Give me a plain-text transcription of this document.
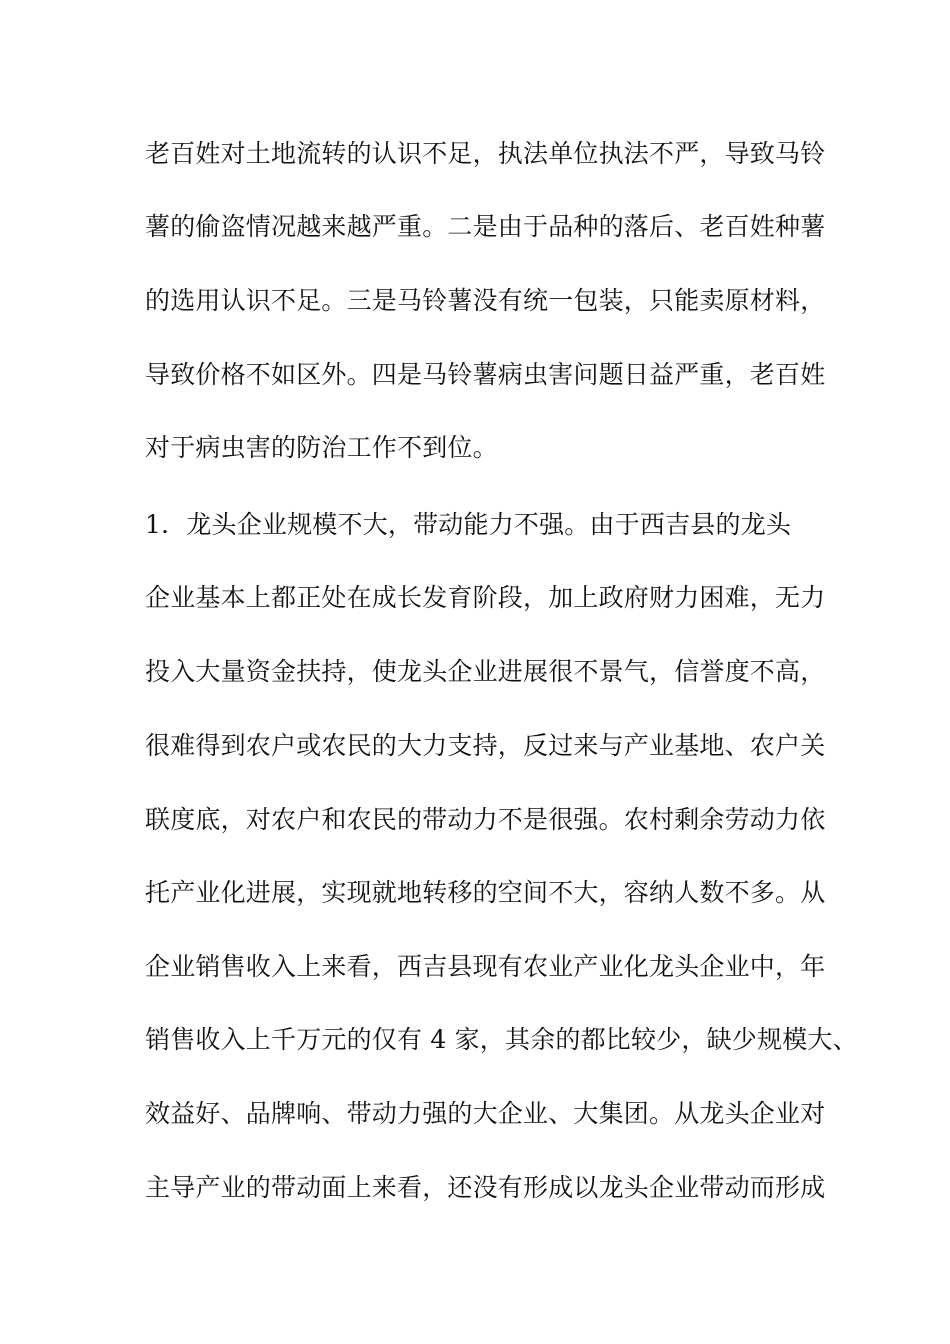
老百姓对土地流转的认识不足，执法单位执法不严，导致马铃
薯的偷盗情况越来越严重。二是由于品种的落后、老百姓种薯
的选用认识不足。三是马铃薯没有统一包装，只能卖原材料，
导致价格不如区外。四是马铃薯病虫害问题日益严重，老百姓
对于病虫害的防治工作不到位。
1．龙头企业规模不大，带动能力不强。由于西吉县的龙头
企业基本上都正处在成长发育阶段，加上政府财力困难，无力
投入大量资金扶持，使龙头企业进展很不景气，信誉度不高，
很难得到农户或农民的大力支持，反过来与产业基地、农户关
联度底，对农户和农民的带动力不是很强。农村剩余劳动力依
托产业化进展，实现就地转移的空间不大，容纳人数不多。从
企业销售收入上来看，西吉县现有农业产业化龙头企业中，年
销售收入上千万元的仅有 4 家，其余的都比较少，缺少规模大、
效益好、品牌响、带动力强的大企业、大集团。从龙头企业对
主导产业的带动面上来看，还没有形成以龙头企业带动而形成
